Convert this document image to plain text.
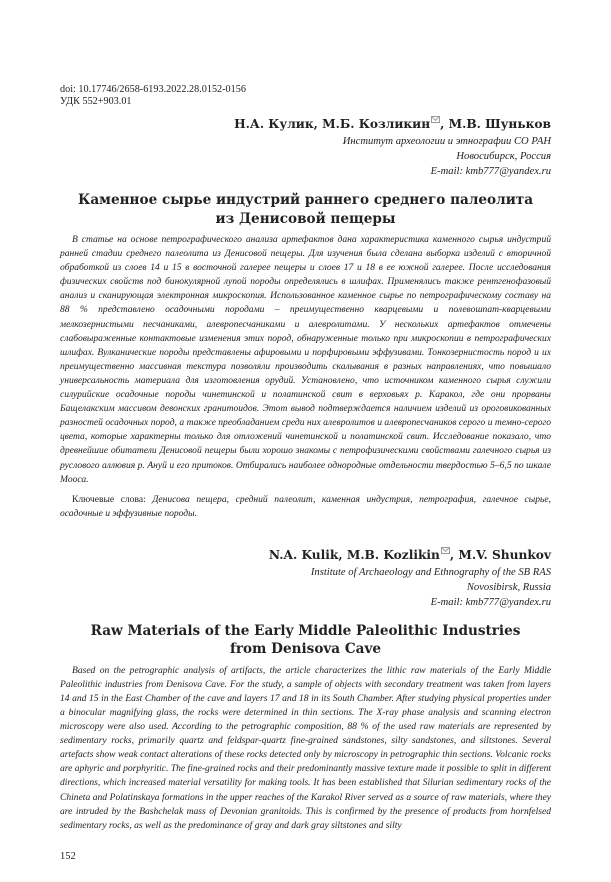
doi: 10.17746/2658-6193.2022.28.0152-0156
УДК 552+903.01
Н.А. Кулик, М.Б. Козликин , М.В. Шуньков
Институт археологии и этнографии СО РАН
Новосибирск, Россия
E-mail: kmb777@yandex.ru
Каменное сырье индустрий раннего среднего палеолита
из Денисовой пещеры

В статье на основе петрографического анализа артефактов дана характеристика каменного сырья индустрий ранней стадии среднего палеолита из Денисовой пещеры. Для изучения была сделана выборка изделий с вторичной обработкой из слоев 14 и 15 в восточной галерее пещеры и слоев 17 и 18 в ее южной галерее. После исследования физических свойств под бинокулярной лупой породы определялись в шлифах. Применялись также рентгенофазовый анализ и сканирующая электронная микроскопия. Использованное каменное сырье по петрографическому составу на 88 % представлено осадочными породами – преимущественно кварцевыми и полевошпат-кварцевыми мелкозернистыми песчаниками, алевропесчаниками и алевролитами. У нескольких артефактов отмечены слабовыраженные контактовые изменения этих пород, обнаруженные только при микроскопии в петрографических шлифах. Вулканические породы представлены афировыми и порфировыми эффузивами. Тонкозернистость пород и их преимущественно массивная текстура позволяли производить скалывания в разных направлениях, что повышало универсальность материала для изготовления орудий. Установлено, что источником каменного сырья служили силурийские осадочные породы чинетинской и полатинской свит в верховьях р. Каракол, где они прорваны Бащелакским массивом девонских гранитоидов. Этот вывод подтверждается наличием изделий из ороговикованных разностей осадочных пород, а также преобладанием среди них алевролитов и алевропесчаников серого и темно-серого цвета, которые характерны только для отложений чинетинской и полатинской свит. Исследование показало, что древнейшие обитатели Денисовой пещеры были хорошо знакомы с петрофизическими свойствами галечного сырья из руслового аллювия р. Ануй и его притоков. Отбирались наиболее однородные отдельности твердостью 5–6,5 по шкале Мооса.

Ключевые слова: Денисова пещера, средний палеолит, каменная индустрия, петрография, галечное сырье, осадочные и эффузивные породы.

N.A. Kulik, M.B. Kozlikin , M.V. Shunkov
Institute of Archaeology and Ethnography of the SB RAS
Novosibirsk, Russia
E-mail: kmb777@yandex.ru
Raw Materials of the Early Middle Paleolithic Industries
from Denisova Cave

Based on the petrographic analysis of artifacts, the article characterizes the lithic raw materials of the Early Middle Paleolithic industries from Denisova Cave. For the study, a sample of objects with secondary treatment was taken from layers 14 and 15 in the East Chamber of the cave and layers 17 and 18 in its South Chamber. After studying physical properties under a binocular magnifying glass, the rocks were determined in thin sections. The X-ray phase analysis and scanning electron microscopy were also used. According to the petrographic composition, 88 % of the used raw materials are represented by sedimentary rocks, primarily quartz and feldspar-quartz fine-grained sandstones, silty sandstones, and siltstones. Several artefacts show weak contact alterations of these rocks detected only by microscopy in petrographic thin sections. Volcanic rocks are aphyric and porphyritic. The fine-grained rocks and their predominantly massive texture made it possible to split in different directions, which increased material versatility for making tools. It has been established that Silurian sedimentary rocks of the Chineta and Polatinskaya formations in the upper reaches of the Karakol River served as a source of raw materials, where they are intruded by the Bashchelak mass of Devonian granitoids. This is confirmed by the presence of products from hornfelsed sedimentary rocks, as well as the predominance of gray and dark gray siltstones and silty

152
